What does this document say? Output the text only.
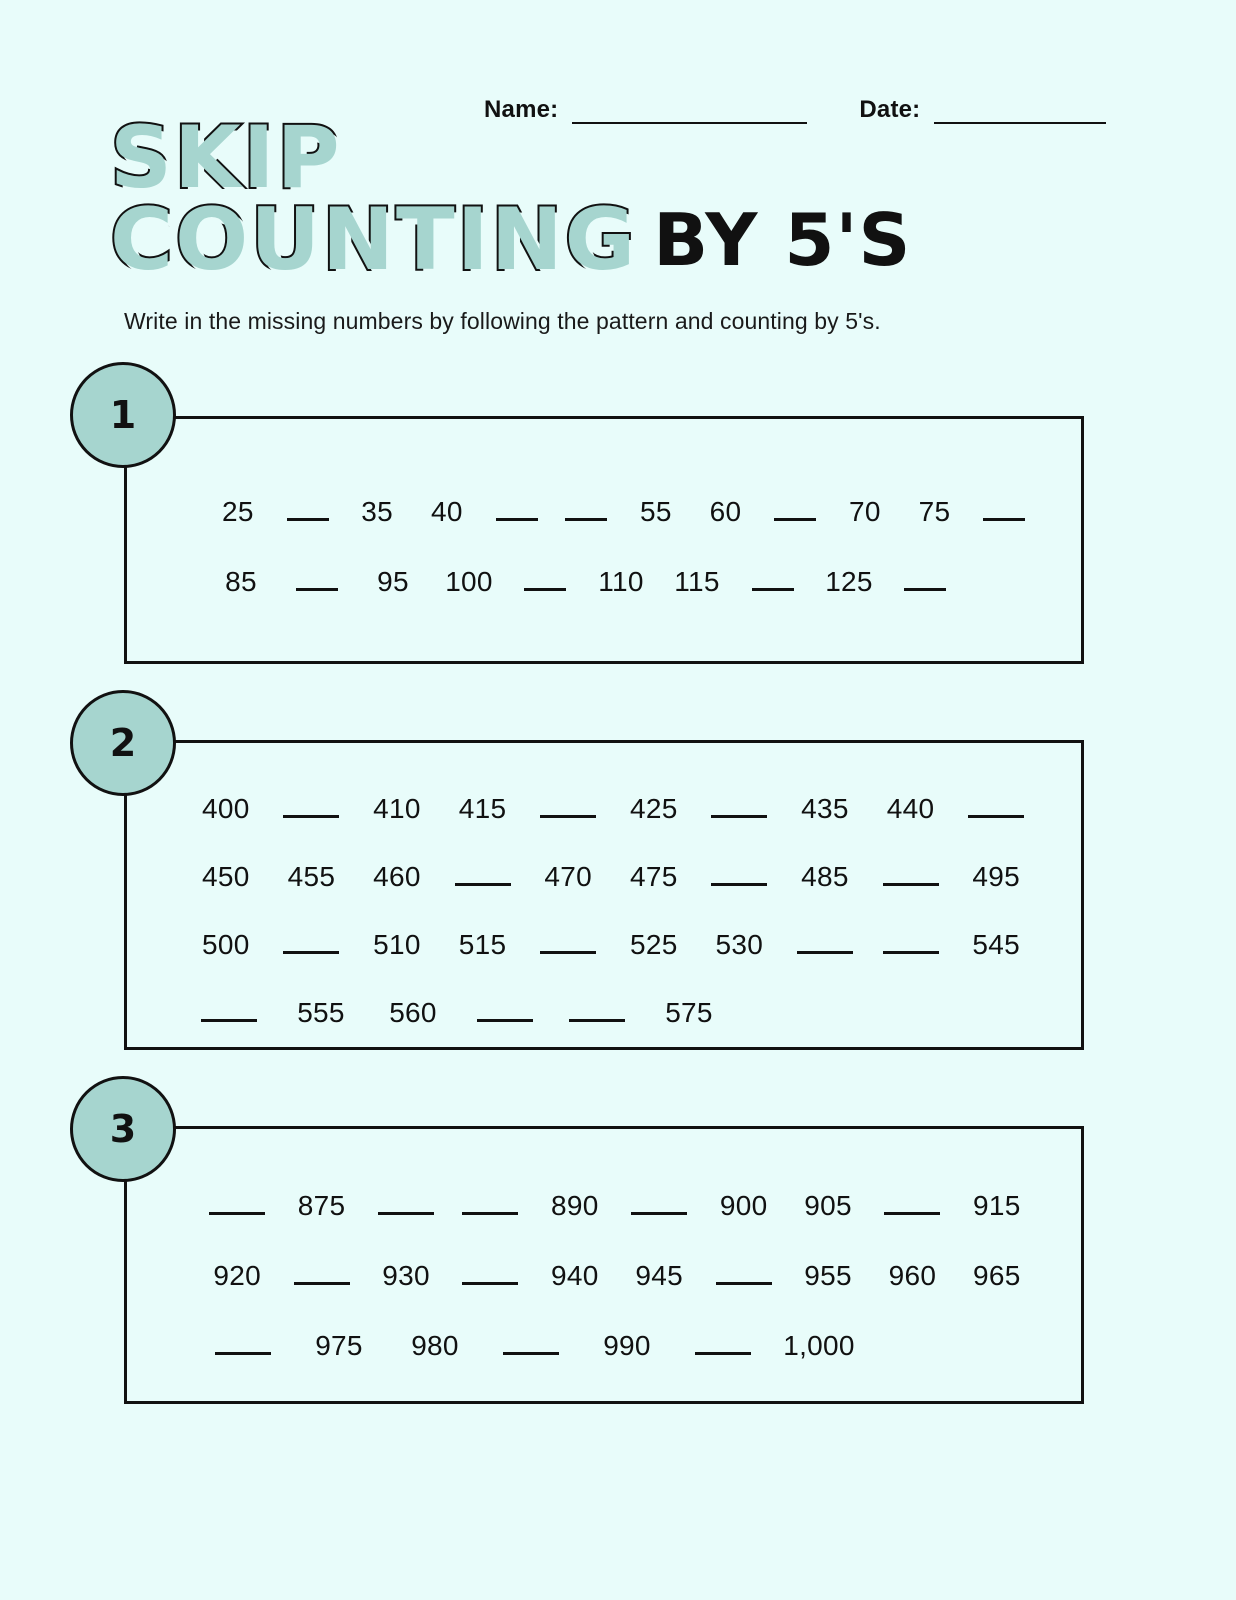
Name:	Date:
SKIP
COUNTING BY 5'S
Write in the missing numbers by following the pattern and counting by 5's.
1
25	35	40	55	60	70	75
85	95	100	110	115	125
2
400	410	415	425	435	440
450	455	460	470	475	485	495
500	510	515	525	530	545
555	560	575
3
875	890	900	905	915
920	930	940	945	955	960	965
975	980	990	1,000
